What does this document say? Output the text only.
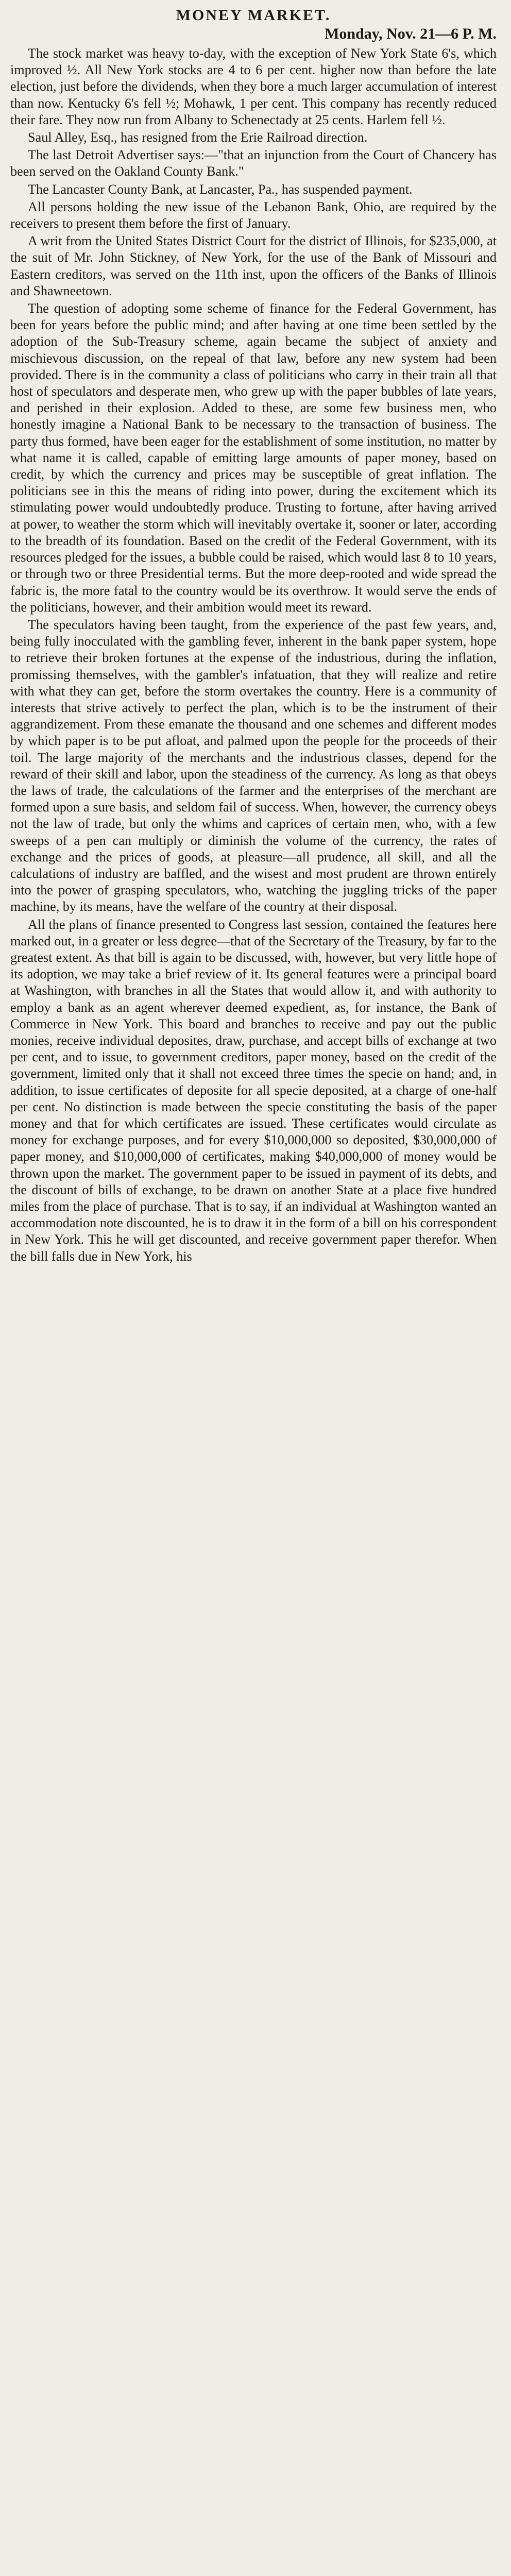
MONEY MARKET.
Monday, Nov. 21—6 P. M.

The stock market was heavy to-day, with the exception of New York State 6's, which improved ½. All New York stocks are 4 to 6 per cent. higher now than before the late election, just before the dividends, when they bore a much larger accumulation of interest than now. Kentucky 6's fell ½; Mohawk, 1 per cent. This company has recently reduced their fare. They now run from Albany to Schenectady at 25 cents. Harlem fell ½.

Saul Alley, Esq., has resigned from the Erie Railroad direction.

The last Detroit Advertiser says:—"that an injunction from the Court of Chancery has been served on the Oakland County Bank."

The Lancaster County Bank, at Lancaster, Pa., has suspended payment.

All persons holding the new issue of the Lebanon Bank, Ohio, are required by the receivers to present them before the first of January.

A writ from the United States District Court for the district of Illinois, for $235,000, at the suit of Mr. John Stickney, of New York, for the use of the Bank of Missouri and Eastern creditors, was served on the 11th inst, upon the officers of the Banks of Illinois and Shawneetown.

The question of adopting some scheme of finance for the Federal Government, has been for years before the public mind; and after having at one time been settled by the adoption of the Sub-Treasury scheme, again became the subject of anxiety and mischievous discussion, on the repeal of that law, before any new system had been provided. There is in the community a class of politicians who carry in their train all that host of speculators and desperate men, who grew up with the paper bubbles of late years, and perished in their explosion. Added to these, are some few business men, who honestly imagine a National Bank to be necessary to the transaction of business. The party thus formed, have been eager for the establishment of some institution, no matter by what name it is called, capable of emitting large amounts of paper money, based on credit, by which the currency and prices may be susceptible of great inflation. The politicians see in this the means of riding into power, during the excitement which its stimulating power would undoubtedly produce. Trusting to fortune, after having arrived at power, to weather the storm which will inevitably overtake it, sooner or later, according to the breadth of its foundation. Based on the credit of the Federal Government, with its resources pledged for the issues, a bubble could be raised, which would last 8 to 10 years, or through two or three Presidential terms. But the more deep-rooted and wide spread the fabric is, the more fatal to the country would be its overthrow. It would serve the ends of the politicians, however, and their ambition would meet its reward.

The speculators having been taught, from the experience of the past few years, and, being fully inocculated with the gambling fever, inherent in the bank paper system, hope to retrieve their broken fortunes at the expense of the industrious, during the inflation, promissing themselves, with the gambler's infatuation, that they will realize and retire with what they can get, before the storm overtakes the country. Here is a community of interests that strive actively to perfect the plan, which is to be the instrument of their aggrandizement. From these emanate the thousand and one schemes and different modes by which paper is to be put afloat, and palmed upon the people for the proceeds of their toil. The large majority of the merchants and the industrious classes, depend for the reward of their skill and labor, upon the steadiness of the currency. As long as that obeys the laws of trade, the calculations of the farmer and the enterprises of the merchant are formed upon a sure basis, and seldom fail of success. When, however, the currency obeys not the law of trade, but only the whims and caprices of certain men, who, with a few sweeps of a pen can multiply or diminish the volume of the currency, the rates of exchange and the prices of goods, at pleasure—all prudence, all skill, and all the calculations of industry are baffled, and the wisest and most prudent are thrown entirely into the power of grasping speculators, who, watching the juggling tricks of the paper machine, by its means, have the welfare of the country at their disposal.

All the plans of finance presented to Congress last session, contained the features here marked out, in a greater or less degree—that of the Secretary of the Treasury, by far to the greatest extent. As that bill is again to be discussed, with, however, but very little hope of its adoption, we may take a brief review of it. Its general features were a principal board at Washington, with branches in all the States that would allow it, and with authority to employ a bank as an agent wherever deemed expedient, as, for instance, the Bank of Commerce in New York. This board and branches to receive and pay out the public monies, receive individual deposites, draw, purchase, and accept bills of exchange at two per cent, and to issue, to government creditors, paper money, based on the credit of the government, limited only that it shall not exceed three times the specie on hand; and, in addition, to issue certificates of deposite for all specie deposited, at a charge of one-half per cent. No distinction is made between the specie constituting the basis of the paper money and that for which certificates are issued. These certificates would circulate as money for exchange purposes, and for every $10,000,000 so deposited, $30,000,000 of paper money, and $10,000,000 of certificates, making $40,000,000 of money would be thrown upon the market. The government paper to be issued in payment of its debts, and the discount of bills of exchange, to be drawn on another State at a place five hundred miles from the place of purchase. That is to say, if an individual at Washington wanted an accommodation note discounted, he is to draw it in the form of a bill on his correspondent in New York. This he will get discounted, and receive government paper therefor. When the bill falls due in New York, his
